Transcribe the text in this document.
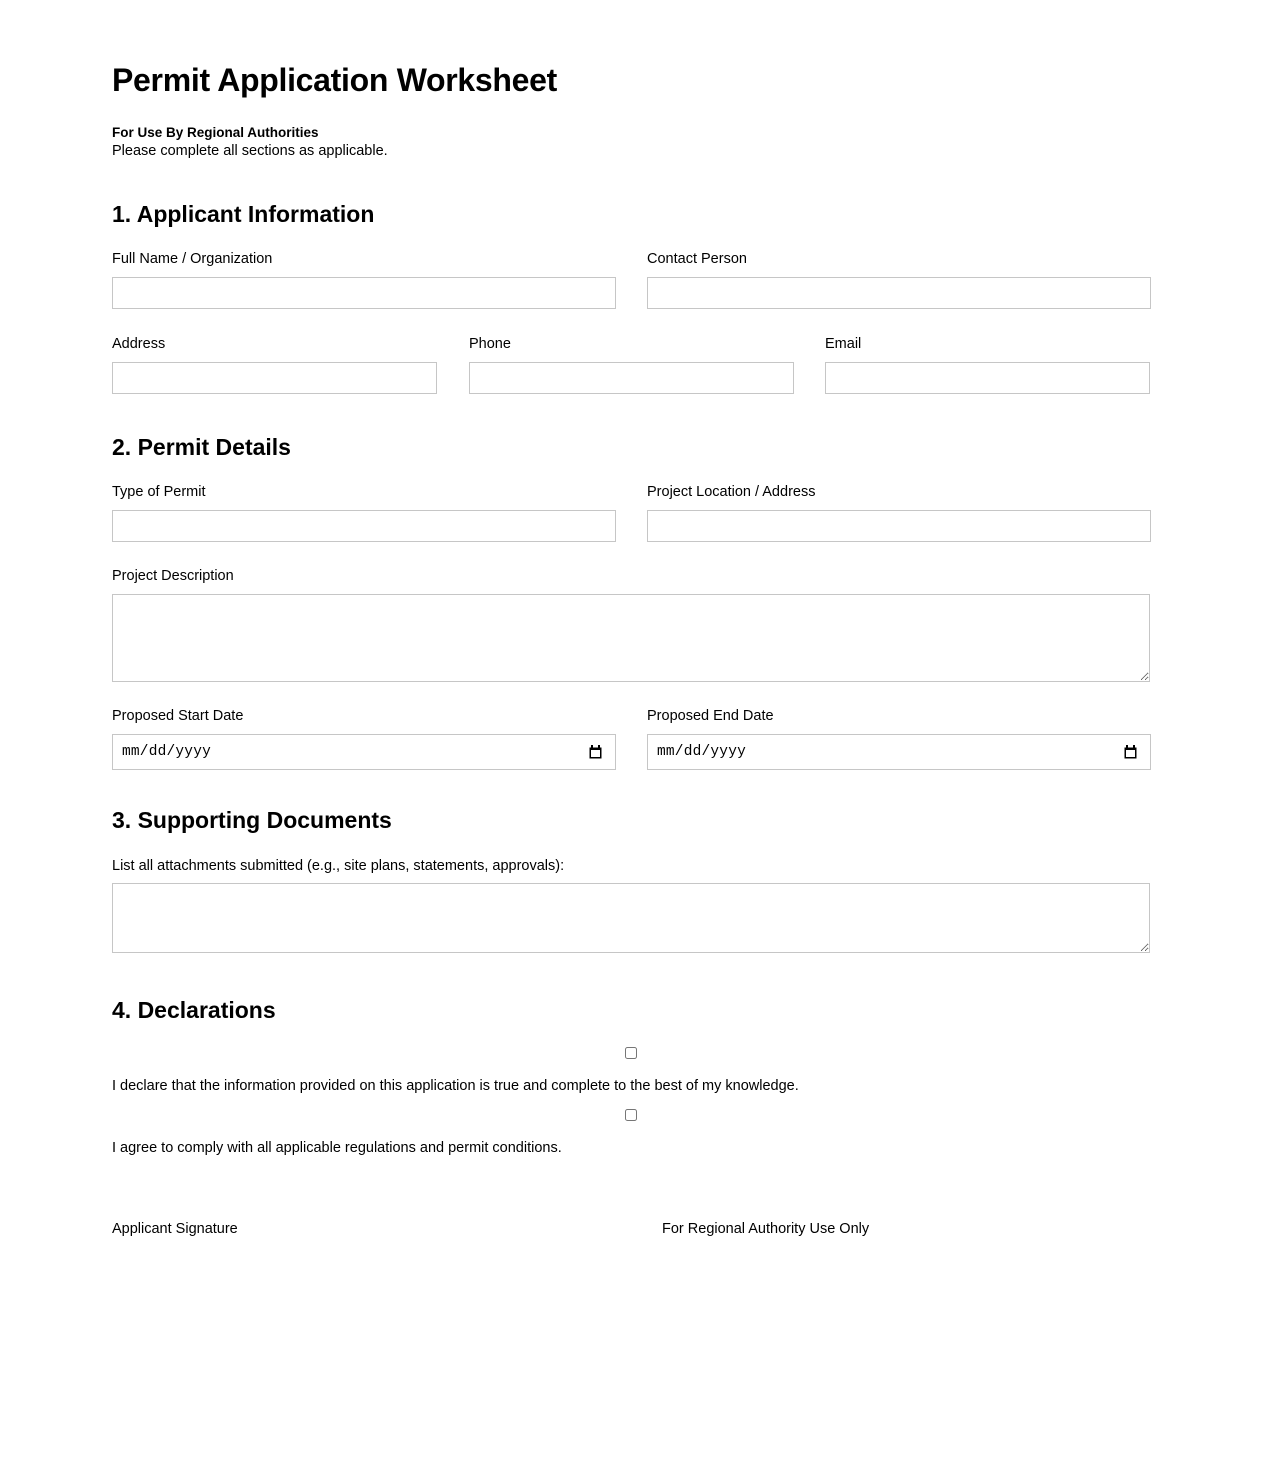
Permit Application Worksheet
For Use By Regional Authorities
Please complete all sections as applicable.
1. Applicant Information
Full Name / Organization	Contact Person
Address	Phone	Email
2. Permit Details
Type of Permit	Project Location / Address
Project Description
Proposed Start Date
mm/dd/yyyy
Proposed End Date
mm/dd/yyyy
3. Supporting Documents
List all attachments submitted (e.g., site plans, statements, approvals):
4. Declarations
I declare that the information provided on this application is true and complete to the best of my knowledge.
I agree to comply with all applicable regulations and permit conditions.
Applicant Signature	For Regional Authority Use Only
